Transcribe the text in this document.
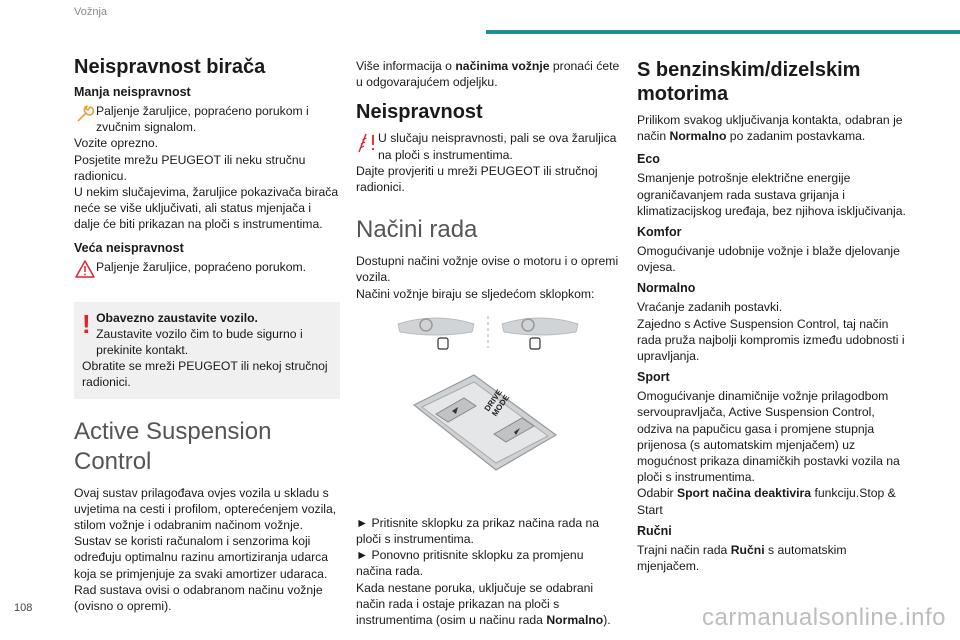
Vožnja
Neispravnost birača
Manja neispravnost

Paljenje žaruljice, popraćeno porukom i zvučnim signalom.

Vozite oprezno.

Posjetite mrežu PEUGEOT ili neku stručnu radionicu.

U nekim slučajevima, žaruljice pokazivača birača neće se više uključivati, ali status mjenjača i dalje će biti prikazan na ploči s instrumentima.

Veća neispravnost

Paljenje žaruljice, popraćeno porukom.

! Obavezno zaustavite vozilo.

Zaustavite vozilo čim to bude sigurno i prekinite kontakt.

Obratite se mreži PEUGEOT ili nekoj stručnoj radionici.

Active Suspension Control

Ovaj sustav prilagođava ovjes vozila u skladu s uvjetima na cesti i profilom, opterećenjem vozila, stilom vožnje i odabranim načinom vožnje.

Sustav se koristi računalom i senzorima koji određuju optimalnu razinu amortiziranja udarca koja se primjenjuje za svaki amortizer udaraca.

Rad sustava ovisi o odabranom načinu vožnje (ovisno o opremi).

Više informacija o načinima vožnje pronaći ćete u odgovarajućem odjeljku.

Neispravnost

U slučaju neispravnosti, pali se ova žaruljica na ploči s instrumentima.

Dajte provjeriti u mreži PEUGEOT ili stručnoj radionici.

Načini rada

Dostupni načini vožnje ovise o motoru i o opremi vozila.

Načini vožnje biraju se sljedećom sklopkom:

DRIVE MODE

► Pritisnite sklopku za prikaz načina rada na ploči s instrumentima.

► Ponovno pritisnite sklopku za promjenu načina rada.

Kada nestane poruka, uključuje se odabrani način rada i ostaje prikazan na ploči s instrumentima (osim u načinu rada Normalno).

S benzinskim/dizelskim motorima

Prilikom svakog uključivanja kontakta, odabran je način Normalno po zadanim postavkama.

Eco

Smanjenje potrošnje električne energije ograničavanjem rada sustava grijanja i klimatizacijskog uređaja, bez njihova isključivanja.

Komfor

Omogućivanje udobnije vožnje i blaže djelovanje ovjesa.

Normalno

Vraćanje zadanih postavki.

Zajedno s Active Suspension Control, taj način rada pruža najbolji kompromis između udobnosti i upravljanja.

Sport

Omogućivanje dinamičnije vožnje prilagodbom servoupravljača, Active Suspension Control, odziva na papučicu gasa i promjene stupnja prijenosa (s automatskim mjenjačem) uz mogućnost prikaza dinamičkih postavki vozila na ploči s instrumentima.

Odabir Sport načina deaktivira funkciju.Stop & Start

Ručni

Trajni način rada Ručni s automatskim mjenjačem.

108	carmanualsonline.info
